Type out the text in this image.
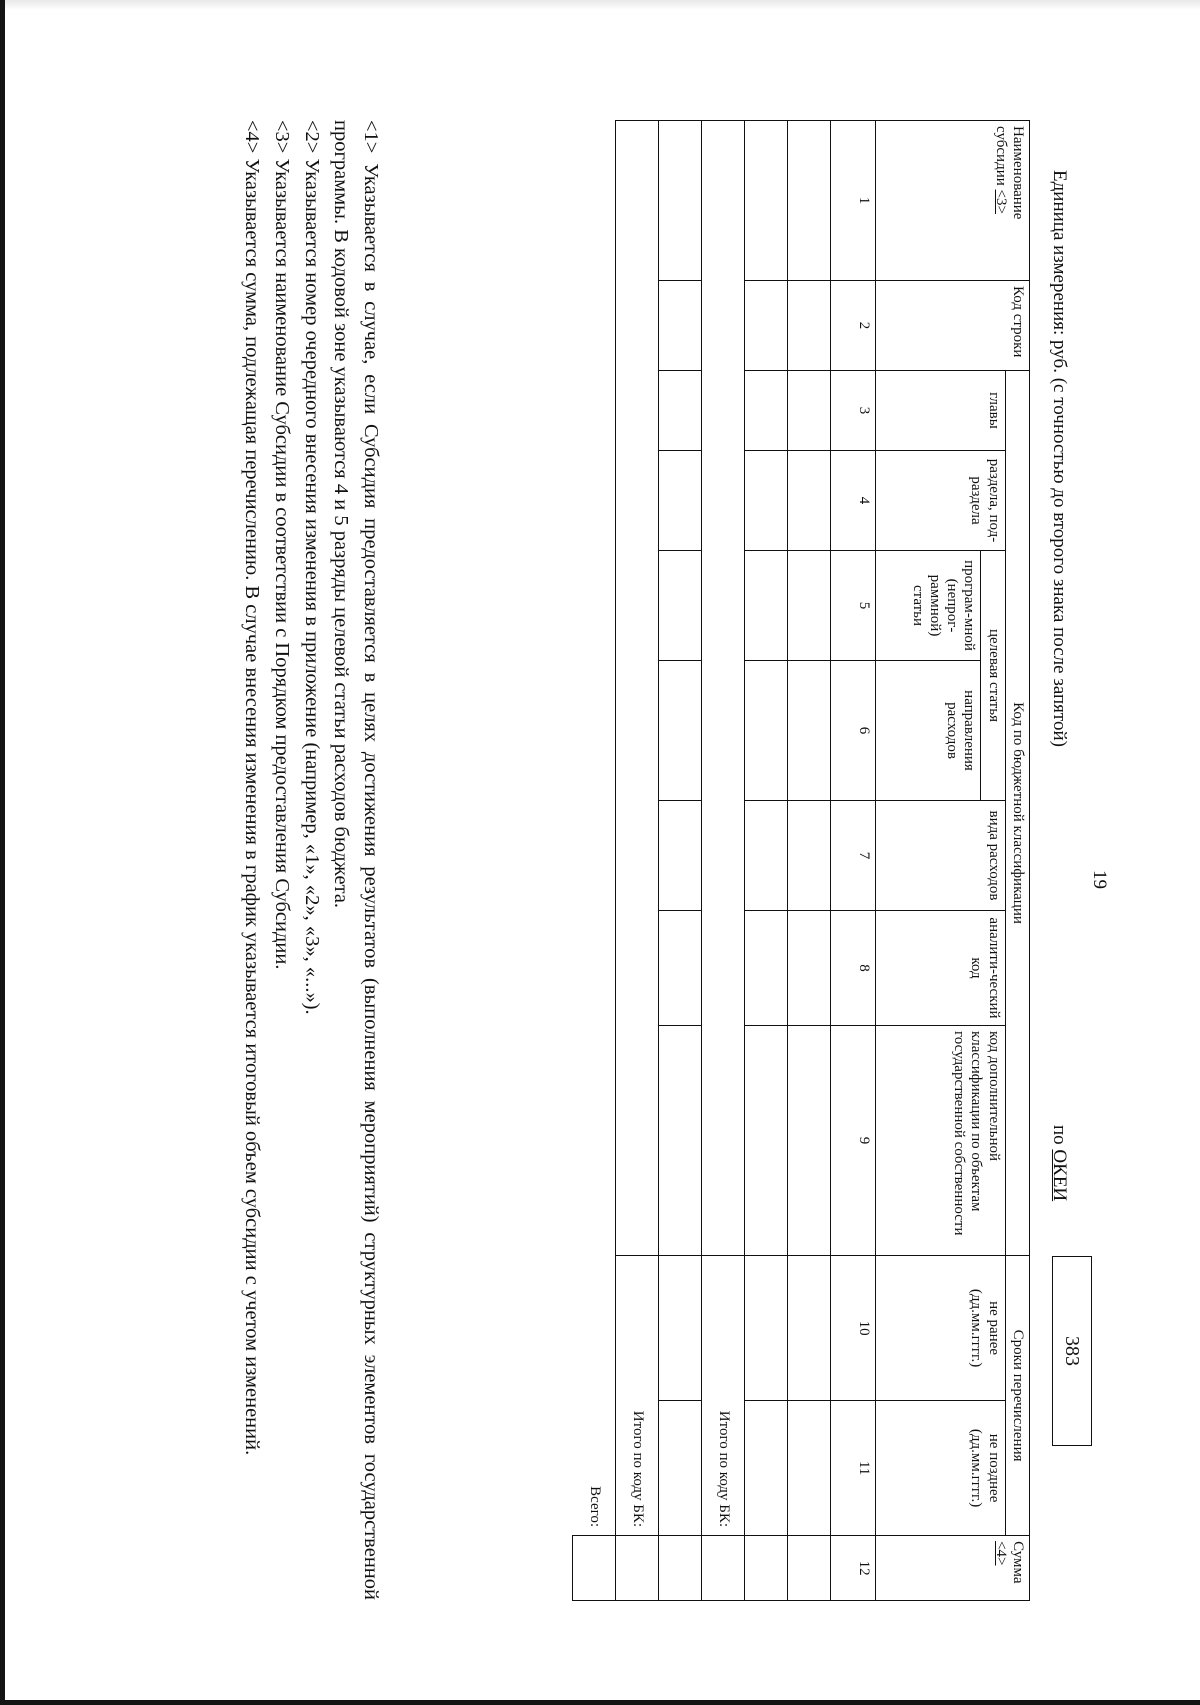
19
Единица измерения: руб. (с точностью до второго знака после запятой)
по ОКЕИ
383
Наименование субсидии <3>	Код строки	Код по бюджетной классификации							Сроки перечисления		Сумма <4>
		главы	раздела, под-раздела	целевая статья		вида расходов	аналити-ческий код	код дополнительной классификации по объектам государственной собственности	не ранее (дд.мм.гггг.)	не позднее (дд.мм.гггг.)	
				програм-мной (непрог-раммной) статьи	направления расходов						
1	2	3	4	5	6	7	8	9	10	11	12

									Итого по коду БК:		

									Итого по коду БК:		
Всего:											

<1> Указывается в случае, если Субсидия предоставляется в целях достижения результатов (выполнения мероприятий) структурных элементов государственной программы. В кодовой зоне указываются 4 и 5 разряды целевой статьи расходов бюджета.

<2> Указывается номер очередного внесения изменения в приложение (например, «1», «2», «3», «...»).

<3> Указывается наименование Субсидии в соответствии с Порядком предоставления Субсидии.

<4> Указывается сумма, подлежащая перечислению. В случае внесения изменения в график указывается итоговый объем субсидии с учетом изменений.
